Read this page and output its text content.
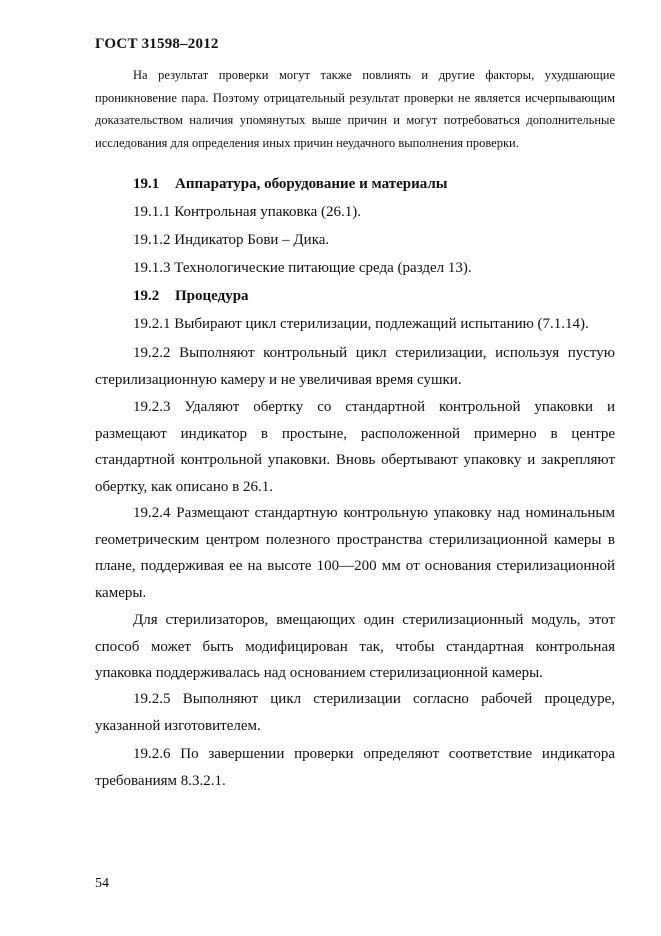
ГОСТ 31598–2012
На результат проверки могут также повлиять и другие факторы, ухудшающие проникновение пара. Поэтому отрицательный результат проверки не является исчерпывающим доказательством наличия упомянутых выше причин и могут потребоваться дополнительные исследования для определения иных причин неудачного выполнения проверки.
19.1 Аппаратура, оборудование и материалы
19.1.1 Контрольная упаковка (26.1).
19.1.2 Индикатор Бови – Дика.
19.1.3 Технологические питающие среда (раздел 13).
19.2 Процедура
19.2.1 Выбирают цикл стерилизации, подлежащий испытанию (7.1.14).
19.2.2 Выполняют контрольный цикл стерилизации, используя пустую стерилизационную камеру и не увеличивая время сушки.
19.2.3 Удаляют обертку со стандартной контрольной упаковки и размещают индикатор в простыне, расположенной примерно в центре стандартной контрольной упаковки. Вновь обертывают упаковку и закрепляют обертку, как описано в 26.1.
19.2.4 Размещают стандартную контрольную упаковку над номинальным геометрическим центром полезного пространства стерилизационной камеры в плане, поддерживая ее на высоте 100—200 мм от основания стерилизационной камеры.
Для стерилизаторов, вмещающих один стерилизационный модуль, этот способ может быть модифицирован так, чтобы стандартная контрольная упаковка поддерживалась над основанием стерилизационной камеры.
19.2.5 Выполняют цикл стерилизации согласно рабочей процедуре, указанной изготовителем.
19.2.6 По завершении проверки определяют соответствие индикатора требованиям 8.3.2.1.
54
